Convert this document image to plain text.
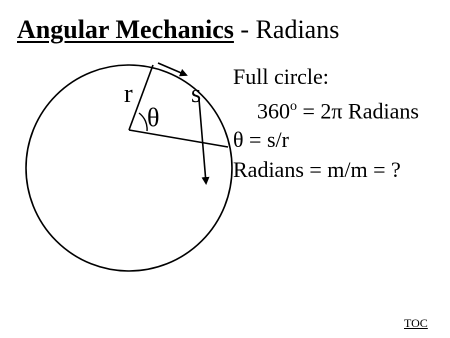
Angular Mechanics - Radians
r s
θ
Full circle:
$360^o = 2\pi$ Radians
θ = s/r
Radians = m/m = ?
TOC
